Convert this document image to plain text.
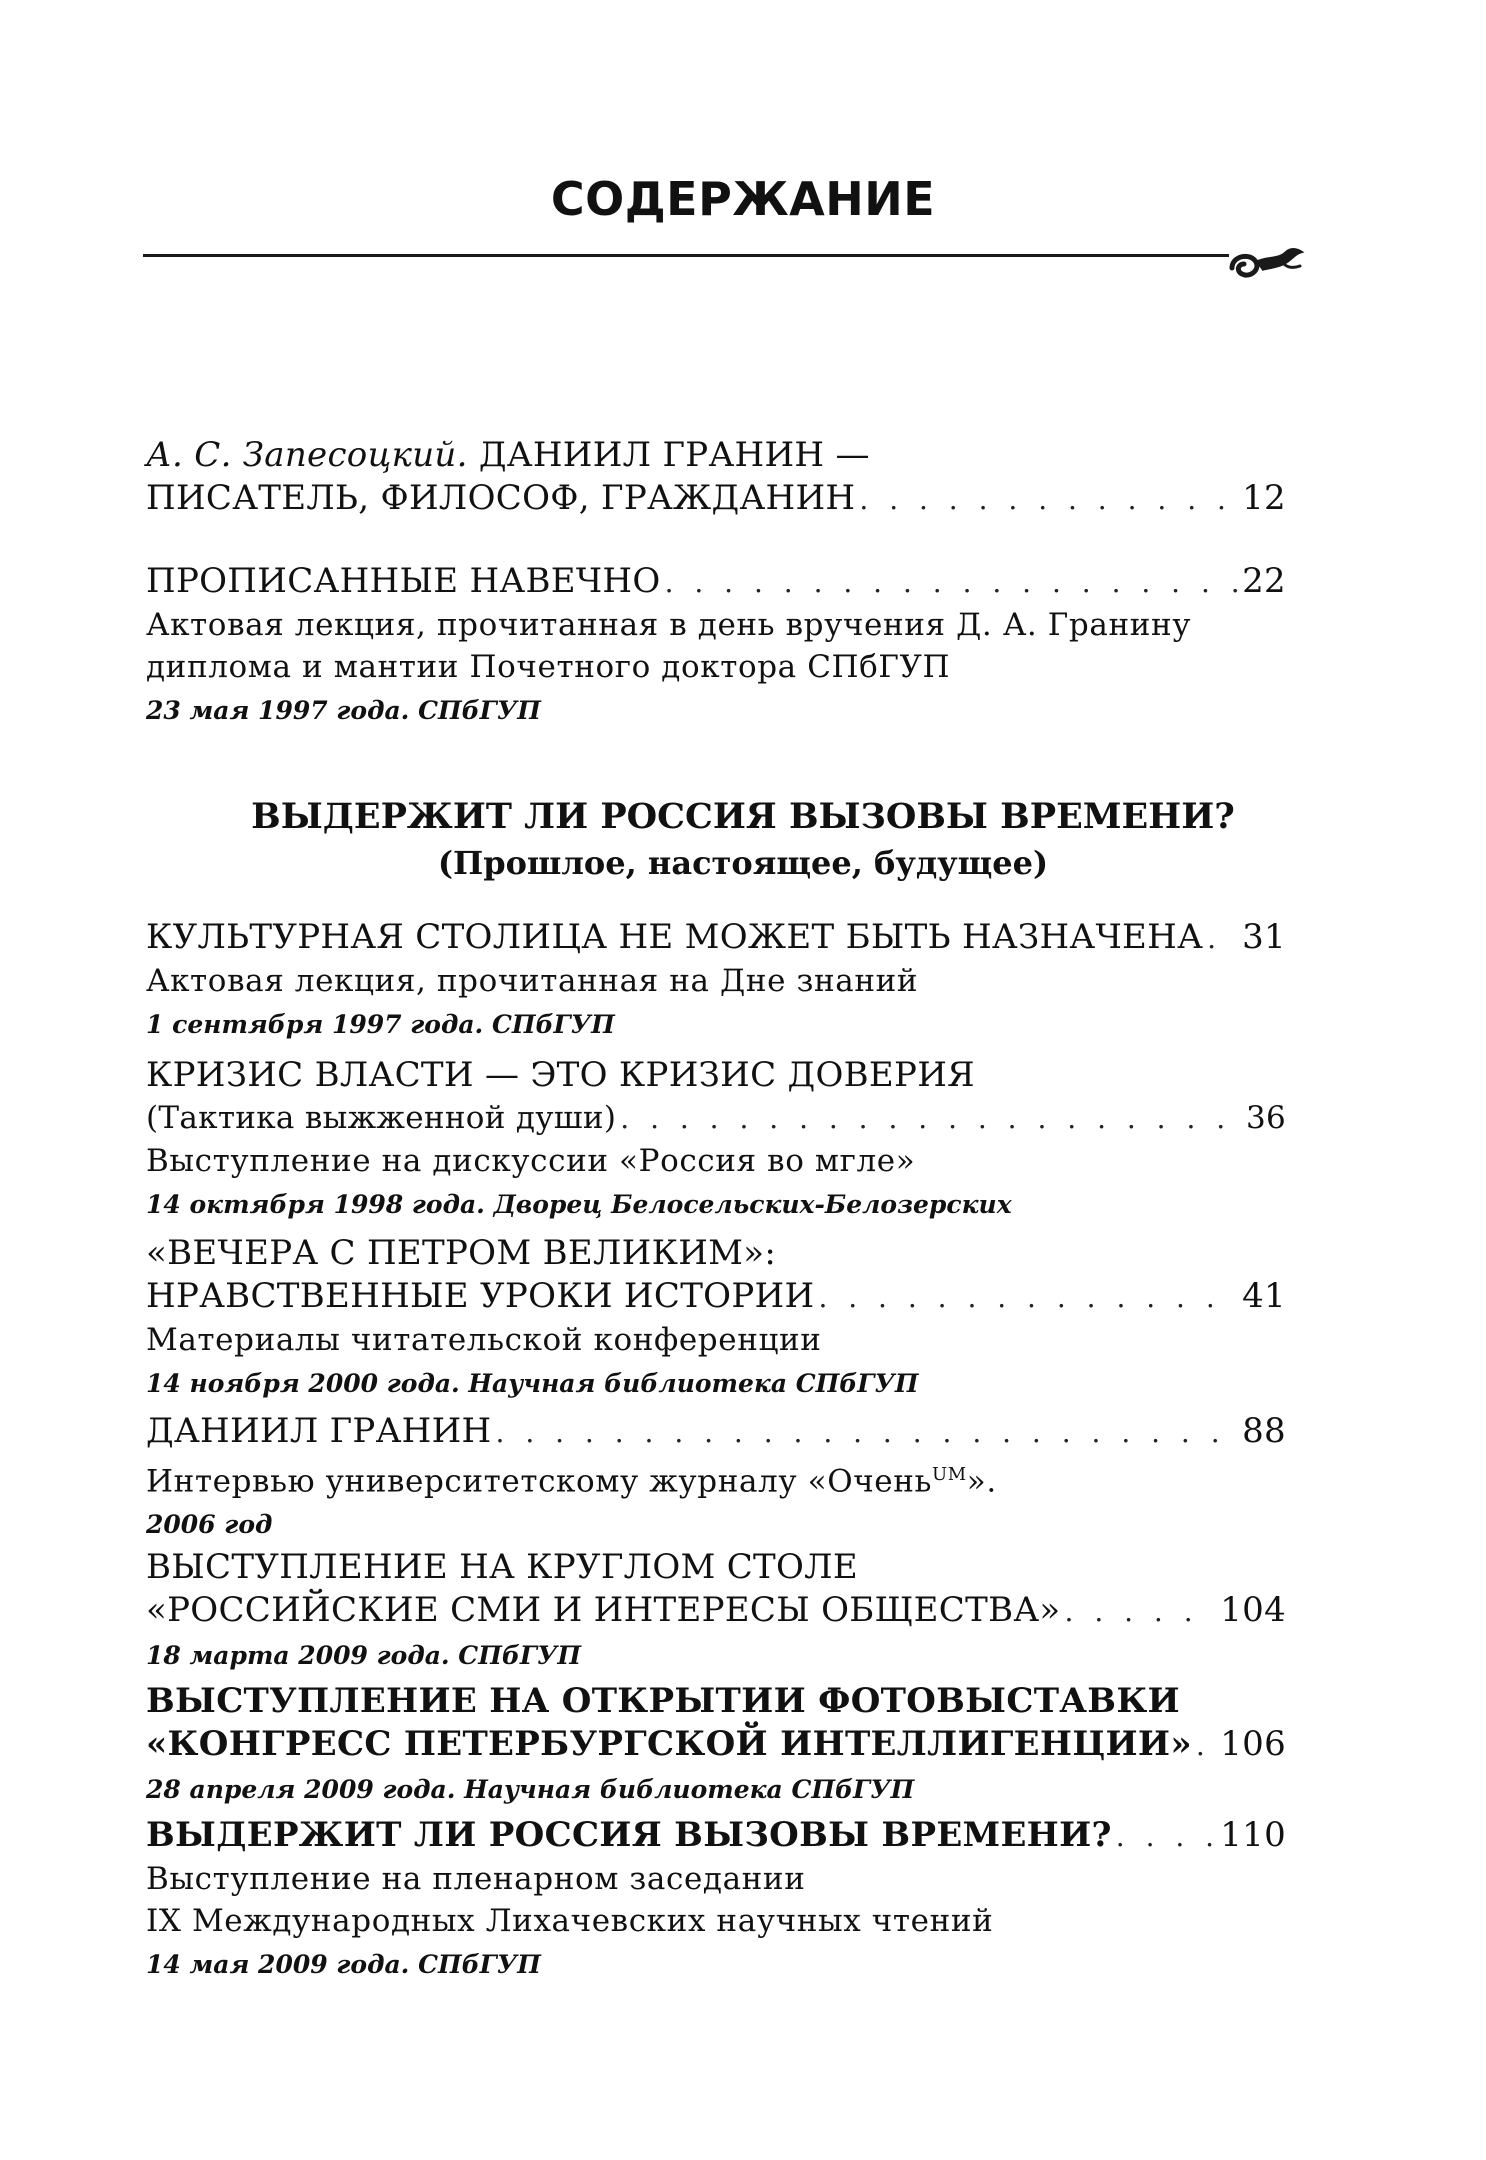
СОДЕРЖАНИЕ
А. С. Запесоцкий. ДАНИИЛ ГРАНИН —
ПИСАТЕЛЬ, ФИЛОСОФ, ГРАЖДАНИН . . .	12
ПРОПИСАННЫЕ НАВЕЧНО . . .	22
Актовая лекция, прочитанная в день вручения Д. А. Гранину
диплома и мантии Почетного доктора СПбГУП
23 мая 1997 года. СПбГУП
ВЫДЕРЖИТ ЛИ РОССИЯ ВЫЗОВЫ ВРЕМЕНИ?
(Прошлое, настоящее, будущее)
КУЛЬТУРНАЯ СТОЛИЦА НЕ МОЖЕТ БЫТЬ НАЗНАЧЕНА . . . 31
Актовая лекция, прочитанная на Дне знаний
1 сентября 1997 года. СПбГУП
КРИЗИС ВЛАСТИ — ЭТО КРИЗИС ДОВЕРИЯ
(Тактика выжженной души) . . .	36
Выступление на дискуссии «Россия во мгле»
14 октября 1998 года. Дворец Белосельских-Белозерских
«ВЕЧЕРА С ПЕТРОМ ВЕЛИКИМ»:
НРАВСТВЕННЫЕ УРОКИ ИСТОРИИ . . .	41
Материалы читательской конференции
14 ноября 2000 года. Научная библиотека СПбГУП
ДАНИИЛ ГРАНИН . . .	88
Интервью университетскому журналу «Очень$^{UM}$».
2006 год
ВЫСТУПЛЕНИЕ НА КРУГЛОМ СТОЛЕ
«РОССИЙСКИЕ СМИ И ИНТЕРЕСЫ ОБЩЕСТВА» . . .	104
18 марта 2009 года. СПбГУП
ВЫСТУПЛЕНИЕ НА ОТКРЫТИИ ФОТОВЫСТАВКИ
«КОНГРЕСС ПЕТЕРБУРГСКОЙ ИНТЕЛЛИГЕНЦИИ» . . . 106
28 апреля 2009 года. Научная библиотека СПбГУП
ВЫДЕРЖИТ ЛИ РОССИЯ ВЫЗОВЫ ВРЕМЕНИ? . . .	110
Выступление на пленарном заседании
IX Международных Лихачевских научных чтений
14 мая 2009 года. СПбГУП
